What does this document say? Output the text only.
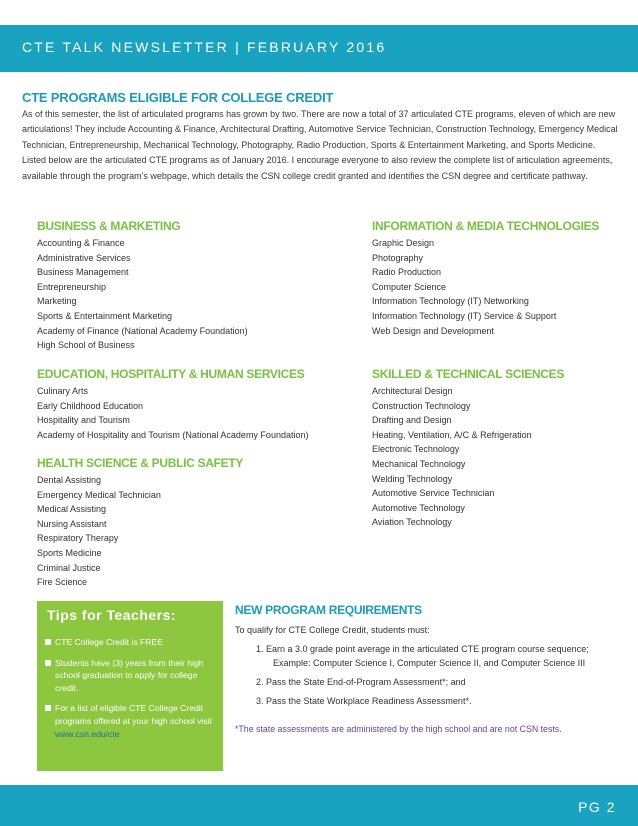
CTE TALK NEWSLETTER | FEBRUARY 2016
CTE PROGRAMS ELIGIBLE FOR COLLEGE CREDIT

As of this semester, the list of articulated programs has grown by two. There are now a total of 37 articulated CTE programs, eleven of which are new articulations! They include Accounting & Finance, Architectural Drafting, Automotive Service Technician, Construction Technology, Emergency Medical Technician, Entrepreneurship, Mechanical Technology, Photography, Radio Production, Sports & Entertainment Marketing, and Sports Medicine. Listed below are the articulated CTE programs as of January 2016. I encourage everyone to also review the complete list of articulation agreements, available through the program’s webpage, which details the CSN college credit granted and identifies the CSN degree and certificate pathway.

BUSINESS & MARKETING
Accounting & Finance
Administrative Services
Business Management
Entrepreneurship
Marketing
Sports & Entertainment Marketing
Academy of Finance (National Academy Foundation)
High School of Business
INFORMATION & MEDIA TECHNOLOGIES
Graphic Design
Photography
Radio Production
Computer Science
Information Technology (IT) Networking
Information Technology (IT) Service & Support
Web Design and Development
EDUCATION, HOSPITALITY & HUMAN SERVICES
Culinary Arts
Early Childhood Education
Hospitality and Tourism
Academy of Hospitality and Tourism (National Academy Foundation)
SKILLED & TECHNICAL SCIENCES
Architectural Design
Construction Technology
Drafting and Design
Heating, Ventilation, A/C & Refrigeration
Electronic Technology
Mechanical Technology
Welding Technology
Automotive Service Technician
Automotive Technology
Aviation Technology
HEALTH SCIENCE & PUBLIC SAFETY
Dental Assisting
Emergency Medical Technician
Medical Assisting
Nursing Assistant
Respiratory Therapy
Sports Medicine
Criminal Justice
Fire Science
Tips for Teachers:
CTE College Credit is FREE
Students have (3) years from their high school graduation to apply for college credit.
For a list of eligible CTE College Credit programs offered at your high school visit www.csn.edu/cte
NEW PROGRAM REQUIREMENTS
To qualify for CTE College Credit, students must:
1. Earn a 3.0 grade point average in the articulated CTE program course sequence;
Example: Computer Science I, Computer Science II, and Computer Science III
2. Pass the State End-of-Program Assessment*; and
3. Pass the State Workplace Readiness Assessment*.
*The state assessments are administered by the high school and are not CSN tests.
PG 2
